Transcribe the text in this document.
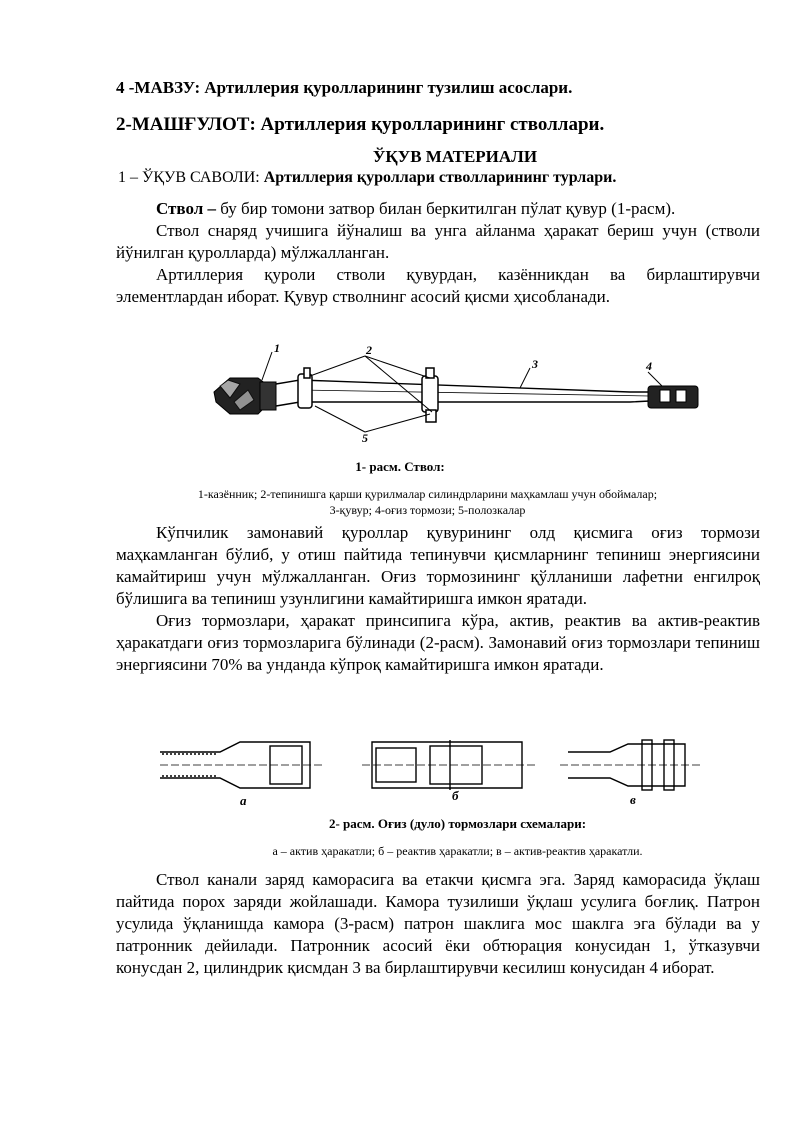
4 -МАВЗУ: Артиллерия қуролларининг тузилиш асослари.
2-МАШҒУЛОТ: Артиллерия қуролларининг стволлари.
ЎҚУВ МАТЕРИАЛИ
1 – ЎҚУВ САВОЛИ: Артиллерия қуроллари стволларининг турлари.

Ствол – бу бир томони затвор билан беркитилган пўлат қувур (1-расм).

Ствол снаряд учишига йўналиш ва унга айланма ҳаракат бериш учун (стволи йўнилган қуролларда) мўлжалланган.

Артиллерия қуроли стволи қувурдан, казённикдан ва бирлаштирувчи элементлардан иборат. Қувур стволнинг асосий қисми ҳисобланади.

1	2
3	4
5
1- расм. Ствол:
1-казённик; 2-тепинишга қарши қурилмалар силиндрларини маҳкамлаш учун обоймалар;
3-қувур; 4-оғиз тормози; 5-полозкалар

Кўпчилик замонавий қуроллар қувурининг олд қисмига оғиз тормози маҳкамланган бўлиб, у отиш пайтида тепинувчи қисмларнинг тепиниш энергиясини камайтириш учун мўлжалланган. Оғиз тормозининг қўлланиши лафетни енгилроқ бўлишига ва тепиниш узунлигини камайтиришга имкон яратади.

Оғиз тормозлари, ҳаракат принсипига кўра, актив, реактив ва актив-реактив ҳаракатдаги оғиз тормозларига бўлинади (2-расм). Замонавий оғиз тормозлари тепиниш энергиясини 70% ва унданда кўпроқ камайтиришга имкон яратади.

а	б	в
2- расм. Оғиз (дуло) тормозлари схемалари:
а – актив ҳаракатли; б – реактив ҳаракатли; в – актив-реактив ҳаракатли.

Ствол канали заряд каморасига ва етакчи қисмга эга. Заряд каморасида ўқлаш пайтида порох заряди жойлашади. Камора тузилиши ўқлаш усулига боғлиқ. Патрон усулида ўқланишда камора (3-расм) патрон шаклига мос шаклга эга бўлади ва у патронник дейилади. Патронник асосий ёки обтюрация конусидан 1, ўтказувчи конусдан 2, цилиндрик қисмдан 3 ва бирлаштирувчи кесилиш конусидан 4 иборат.
